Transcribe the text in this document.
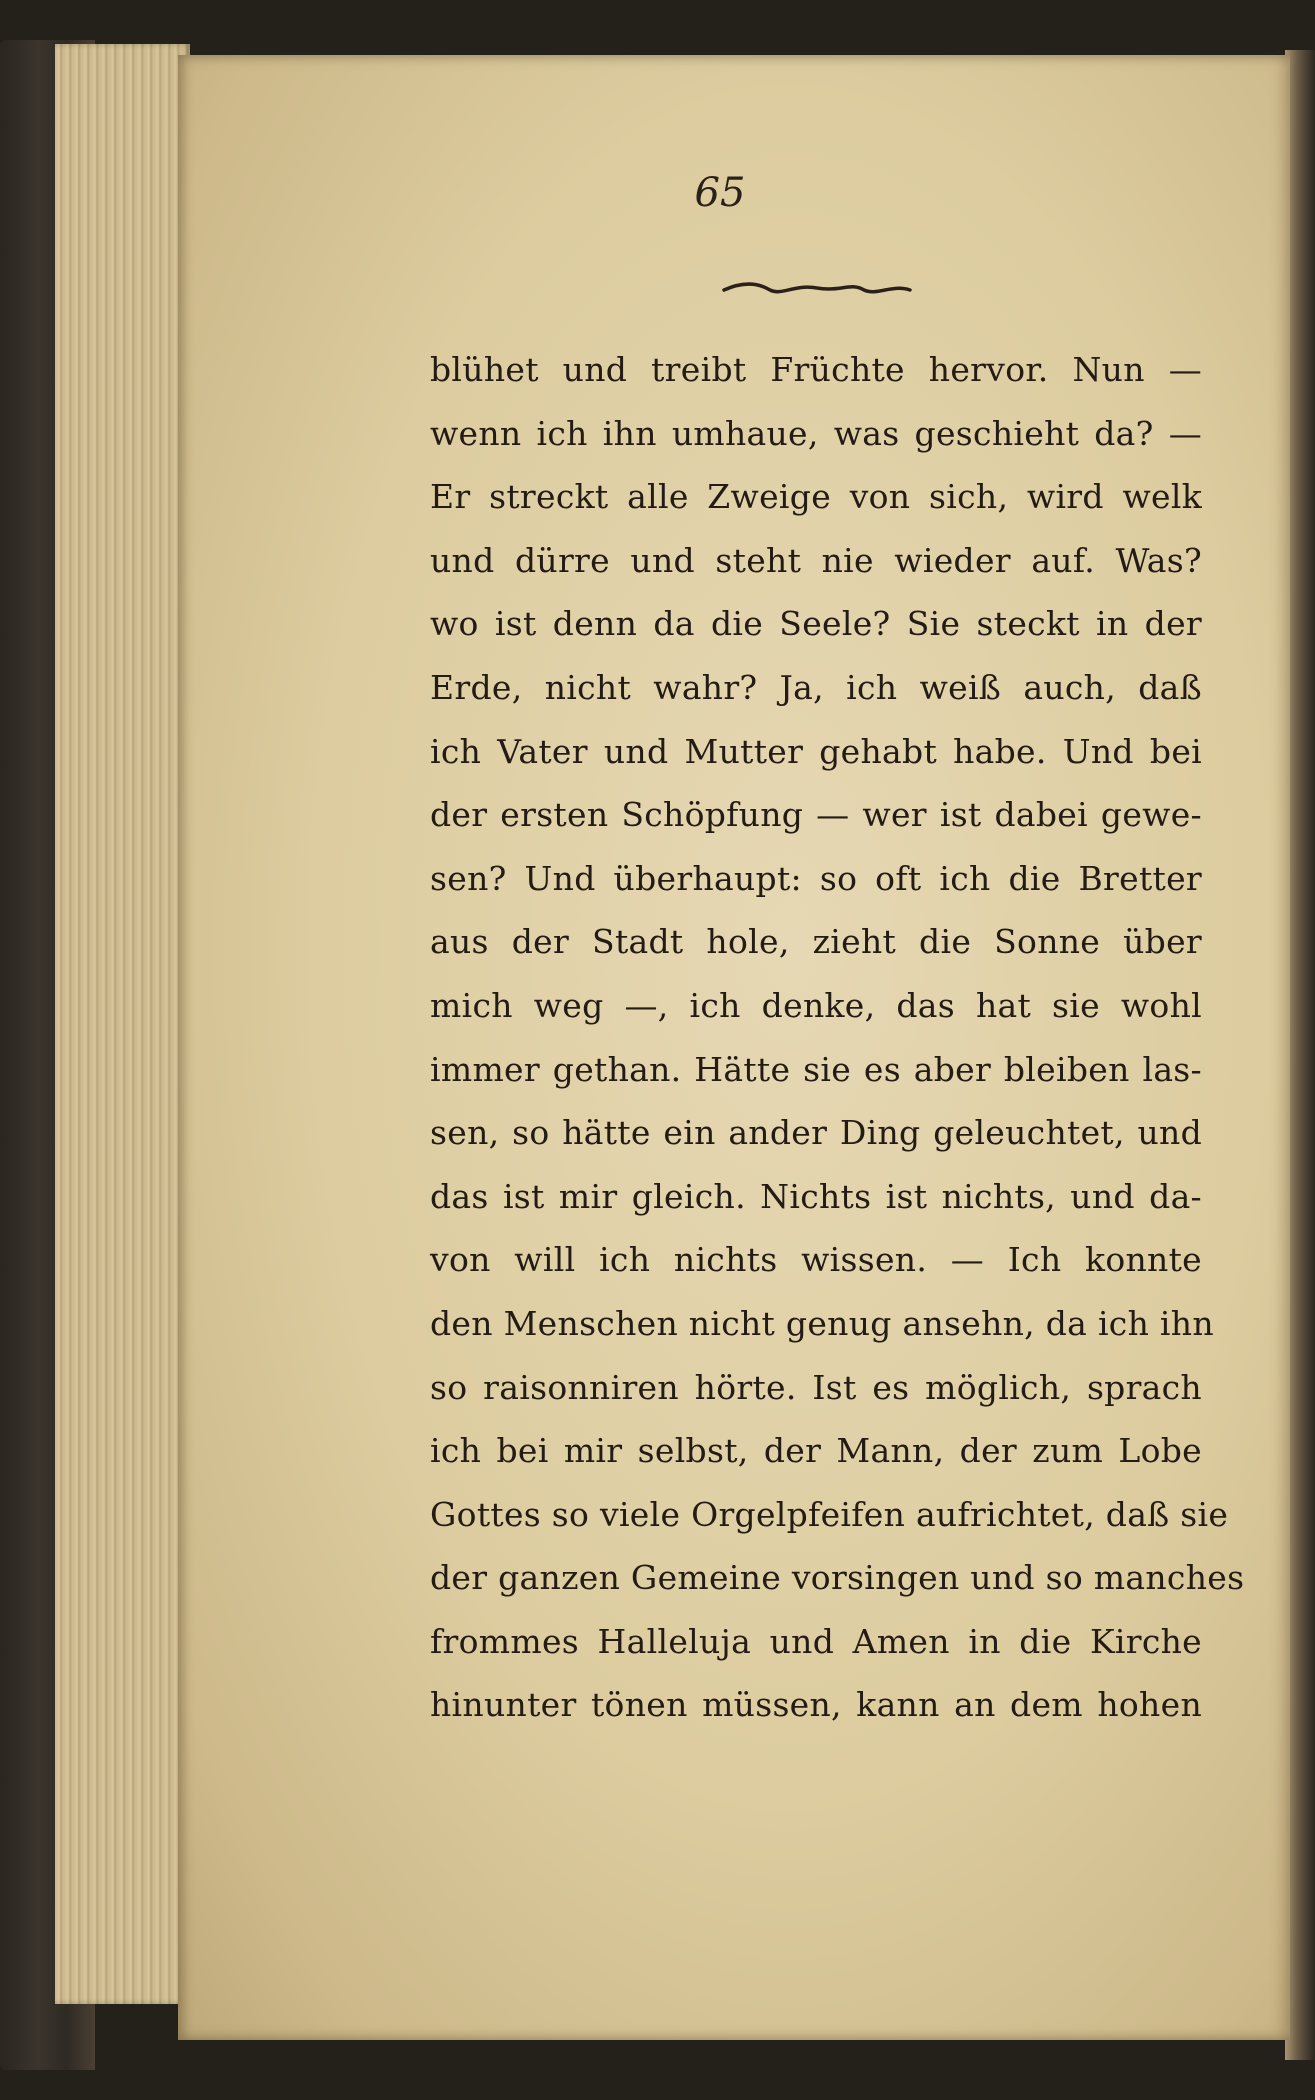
65
blühet und treibt Früchte hervor. Nun —
wenn ich ihn umhaue, was geschieht da? —
Er streckt alle Zweige von sich, wird welk
und dürre und steht nie wieder auf. Was?
wo ist denn da die Seele? Sie steckt in der
Erde, nicht wahr? Ja, ich weiß auch, daß
ich Vater und Mutter gehabt habe. Und bei
der ersten Schöpfung — wer ist dabei gewe-
sen? Und überhaupt: so oft ich die Bretter
aus der Stadt hole, zieht die Sonne über
mich weg —, ich denke, das hat sie wohl
immer gethan. Hätte sie es aber bleiben las-
sen, so hätte ein ander Ding geleuchtet, und
das ist mir gleich. Nichts ist nichts, und da-
von will ich nichts wissen. — Ich konnte
den Menschen nicht genug ansehn, da ich ihn
so raisonniren hörte. Ist es möglich, sprach
ich bei mir selbst, der Mann, der zum Lobe
Gottes so viele Orgelpfeifen aufrichtet, daß sie
der ganzen Gemeine vorsingen und so manches
frommes Halleluja und Amen in die Kirche
hinunter tönen müssen, kann an dem hohen
